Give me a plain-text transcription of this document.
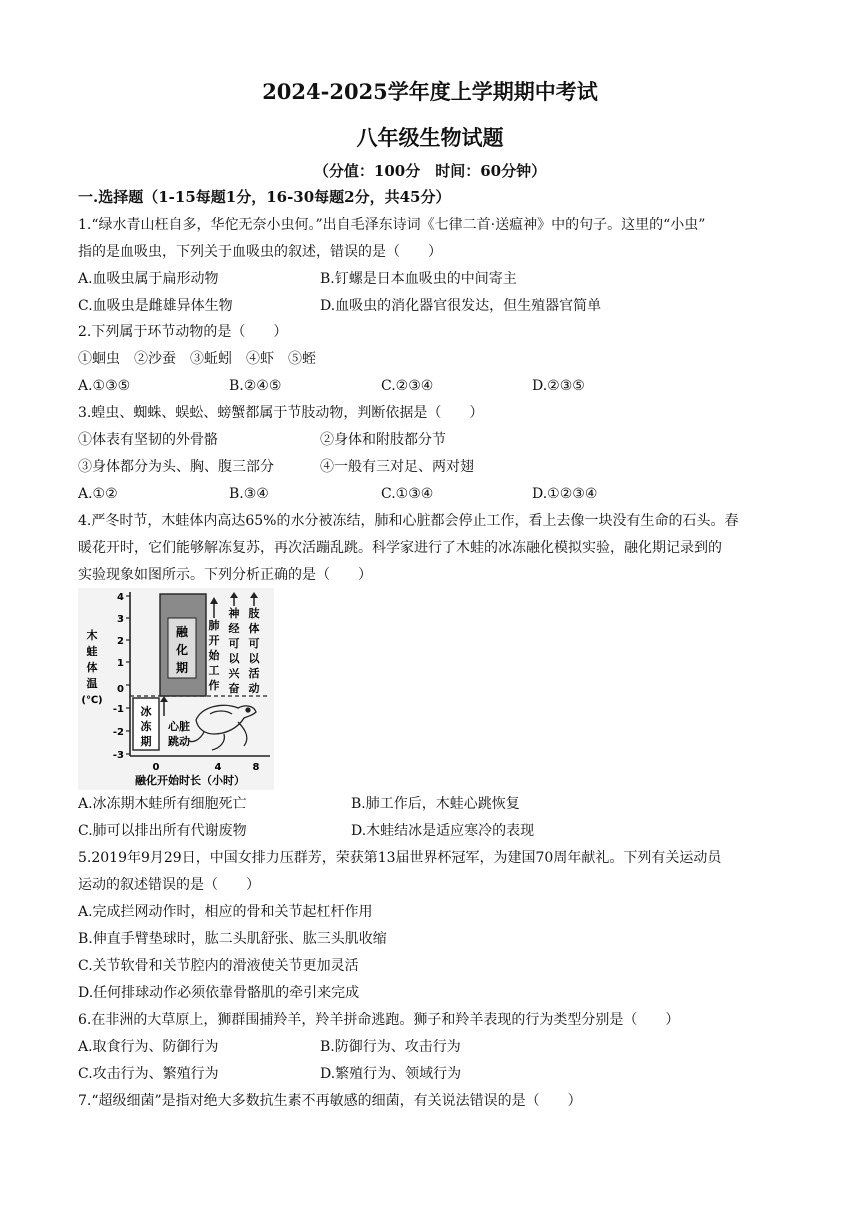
2024-2025学年度上学期期中考试
八年级生物试题
（分值：100分　时间：60分钟）
一.选择题（1-15每题1分，16-30每题2分，共45分）
1.“绿水青山枉自多，华佗无奈小虫何。”出自毛泽东诗词《七律二首·送瘟神》中的句子。这里的“小虫”
指的是血吸虫，下列关于血吸虫的叙述，错误的是（　　）
A.血吸虫属于扁形动物	B.钉螺是日本血吸虫的中间寄主
C.血吸虫是雌雄异体生物	D.血吸虫的消化器官很发达，但生殖器官简单
2.下列属于环节动物的是（　　）
①蛔虫　②沙蚕　③蚯蚓　④虾　⑤蛭
A.①③⑤	B.②④⑤	C.②③④	D.②③⑤
3.蝗虫、蜘蛛、蜈蚣、螃蟹都属于节肢动物，判断依据是（　　）
①体表有坚韧的外骨骼	②身体和附肢都分节
③身体都分为头、胸、腹三部分	④一般有三对足、两对翅
A.①②	B.③④	C.①③④	D.①②③④
4.严冬时节，木蛙体内高达65%的水分被冻结，肺和心脏都会停止工作，看上去像一块没有生命的石头。春
暖花开时，它们能够解冻复苏，再次活蹦乱跳。科学家进行了木蛙的冰冻融化模拟实验，融化期记录到的
实验现象如图所示。下列分析正确的是（　　）
木
蛙
体
温
(℃)
4
3
2
1
0
-1
-2
-3
冰
冻
期
融
化
期
心脏
跳动
肺
开
始
工
作
神
经
可
以
兴
奋
肢
体
可
以
活
动
0	4	8
融化开始时长（小时）
A.冰冻期木蛙所有细胞死亡	B.肺工作后，木蛙心跳恢复
C.肺可以排出所有代谢废物	D.木蛙结冰是适应寒冷的表现
5.2019年9月29日，中国女排力压群芳，荣获第13届世界杯冠军，为建国70周年献礼。下列有关运动员
运动的叙述错误的是（　　）
A.完成拦网动作时，相应的骨和关节起杠杆作用
B.伸直手臂垫球时，肱二头肌舒张、肱三头肌收缩
C.关节软骨和关节腔内的滑液使关节更加灵活
D.任何排球动作必须依靠骨骼肌的牵引来完成
6.在非洲的大草原上，狮群围捕羚羊，羚羊拼命逃跑。狮子和羚羊表现的行为类型分别是（　　）
A.取食行为、防御行为	B.防御行为、攻击行为
C.攻击行为、繁殖行为	D.繁殖行为、领域行为
7.“超级细菌”是指对绝大多数抗生素不再敏感的细菌，有关说法错误的是（　　）
